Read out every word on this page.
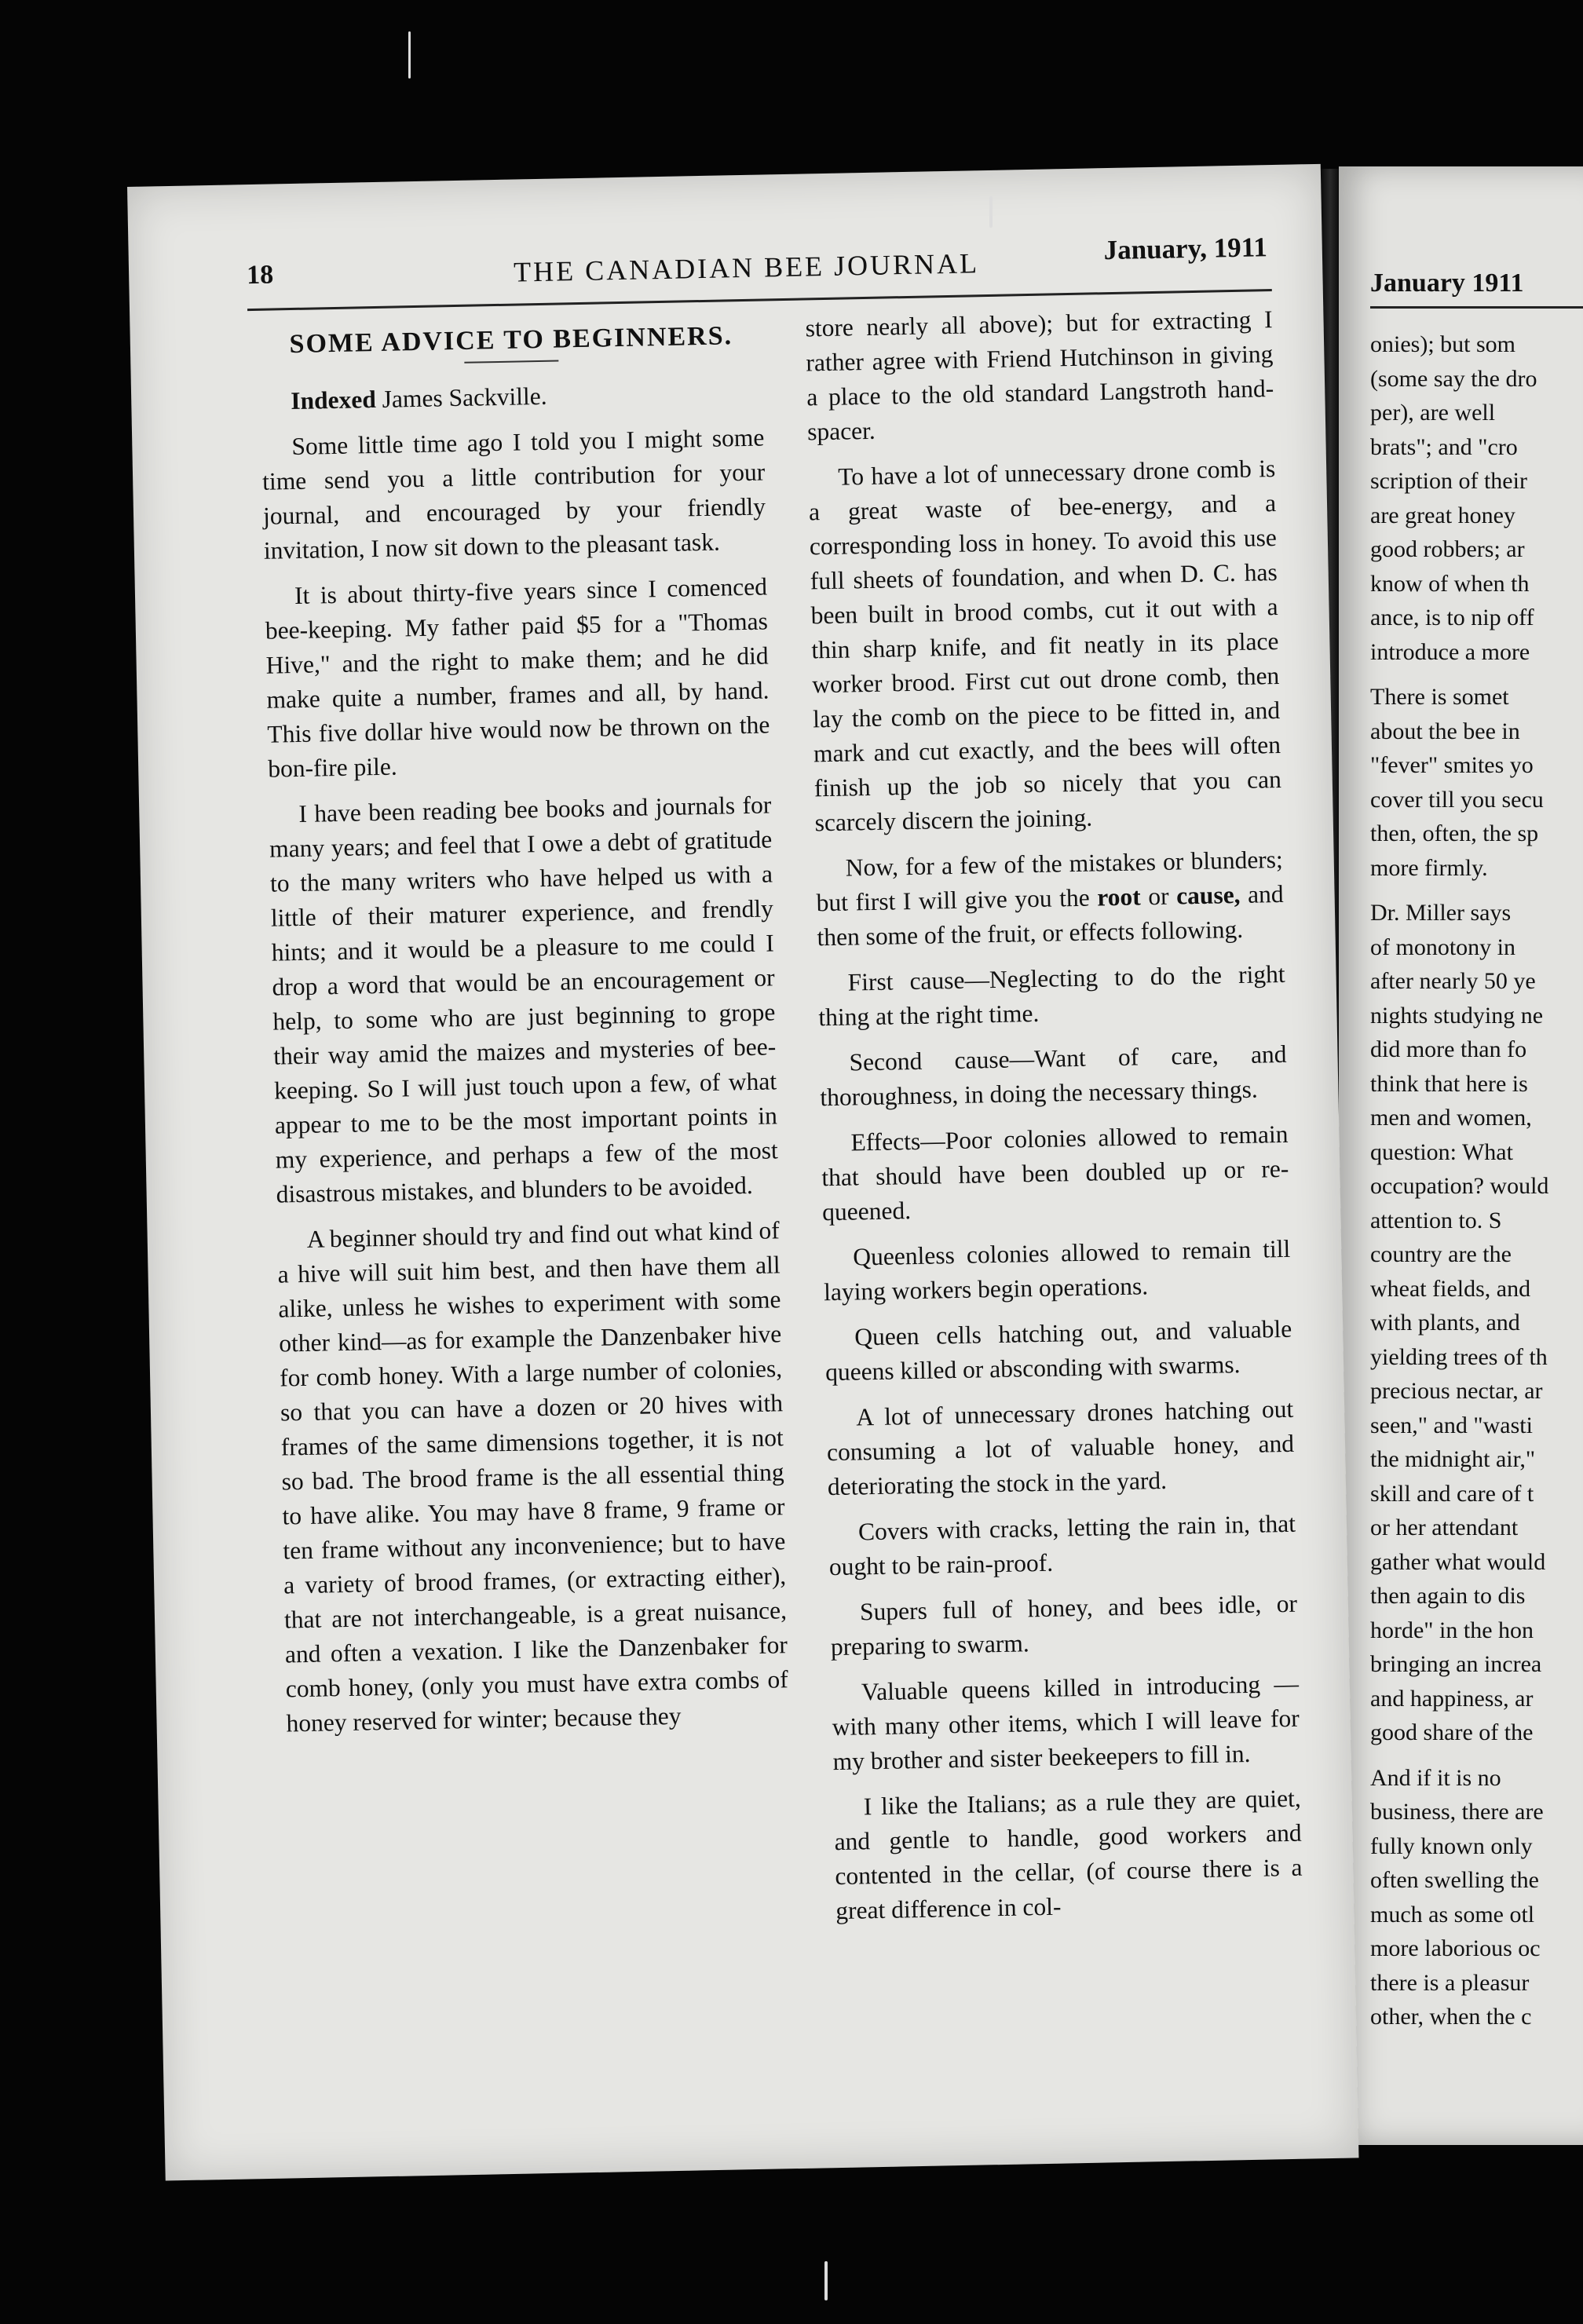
January 1911
onies); but som
(some say the dro
per), are well
brats"; and "cro
scription of their
are great honey
good robbers; ar
know of when th
ance, is to nip off
introduce a more
There is somet
about the bee in
"fever" smites yo
cover till you secu
then, often, the sp
more firmly.
Dr. Miller says
of monotony in
after nearly 50 ye
nights studying ne
did more than fo
think that here is
men and women,
question: What
occupation? would
attention to. S
country are the
wheat fields, and
with plants, and
yielding trees of th
precious nectar, ar
seen," and "wasti
the midnight air,"
skill and care of t
or her attendant
gather what would
then again to dis
horde" in the hon
bringing an increa
and happiness, ar
good share of the
And if it is no
business, there are
fully known only
often swelling the
much as some otl
more laborious oc
there is a pleasur
other, when the c
18	THE CANADIAN BEE JOURNAL	January, 1911
SOME ADVICE TO BEGINNERS.
Indexed James Sackville.

Some little time ago I told you I might some time send you a little contribution for your journal, and encouraged by your friendly invitation, I now sit down to the pleasant task.

It is about thirty-five years since I comenced bee-keeping. My father paid $5 for a "Thomas Hive," and the right to make them; and he did make quite a number, frames and all, by hand. This five dollar hive would now be thrown on the bon-fire pile.

I have been reading bee books and journals for many years; and feel that I owe a debt of gratitude to the many writers who have helped us with a little of their maturer experience, and frendly hints; and it would be a pleasure to me could I drop a word that would be an encouragement or help, to some who are just beginning to grope their way amid the maizes and mysteries of bee-keeping. So I will just touch upon a few, of what appear to me to be the most important points in my experience, and perhaps a few of the most disastrous mistakes, and blunders to be avoided.

A beginner should try and find out what kind of a hive will suit him best, and then have them all alike, unless he wishes to experiment with some other kind—as for example the Danzenbaker hive for comb honey. With a large number of colonies, so that you can have a dozen or 20 hives with frames of the same dimensions together, it is not so bad. The brood frame is the all essential thing to have alike. You may have 8 frame, 9 frame or ten frame without any inconvenience; but to have a variety of brood frames, (or extracting either), that are not interchangeable, is a great nuisance, and often a vexation. I like the Danzenbaker for comb honey, (only you must have extra combs of honey reserved for winter; because they

store nearly all above); but for extracting I rather agree with Friend Hutchinson in giving a place to the old standard Langstroth hand-spacer.

To have a lot of unnecessary drone comb is a great waste of bee-energy, and a corresponding loss in honey. To avoid this use full sheets of foundation, and when D. C. has been built in brood combs, cut it out with a thin sharp knife, and fit neatly in its place worker brood. First cut out drone comb, then lay the comb on the piece to be fitted in, and mark and cut exactly, and the bees will often finish up the job so nicely that you can scarcely discern the joining.

Now, for a few of the mistakes or blunders; but first I will give you the root or cause, and then some of the fruit, or effects following.

First cause—Neglecting to do the right thing at the right time.

Second cause—Want of care, and thoroughness, in doing the necessary things.

Effects—Poor colonies allowed to remain that should have been doubled up or re-queened.

Queenless colonies allowed to remain till laying workers begin operations.

Queen cells hatching out, and valuable queens killed or absconding with swarms.

A lot of unnecessary drones hatching out consuming a lot of valuable honey, and deteriorating the stock in the yard.

Covers with cracks, letting the rain in, that ought to be rain-proof.

Supers full of honey, and bees idle, or preparing to swarm.

Valuable queens killed in introducing —with many other items, which I will leave for my brother and sister beekeepers to fill in.

I like the Italians; as a rule they are quiet, and gentle to handle, good workers and contented in the cellar, (of course there is a great difference in col-
